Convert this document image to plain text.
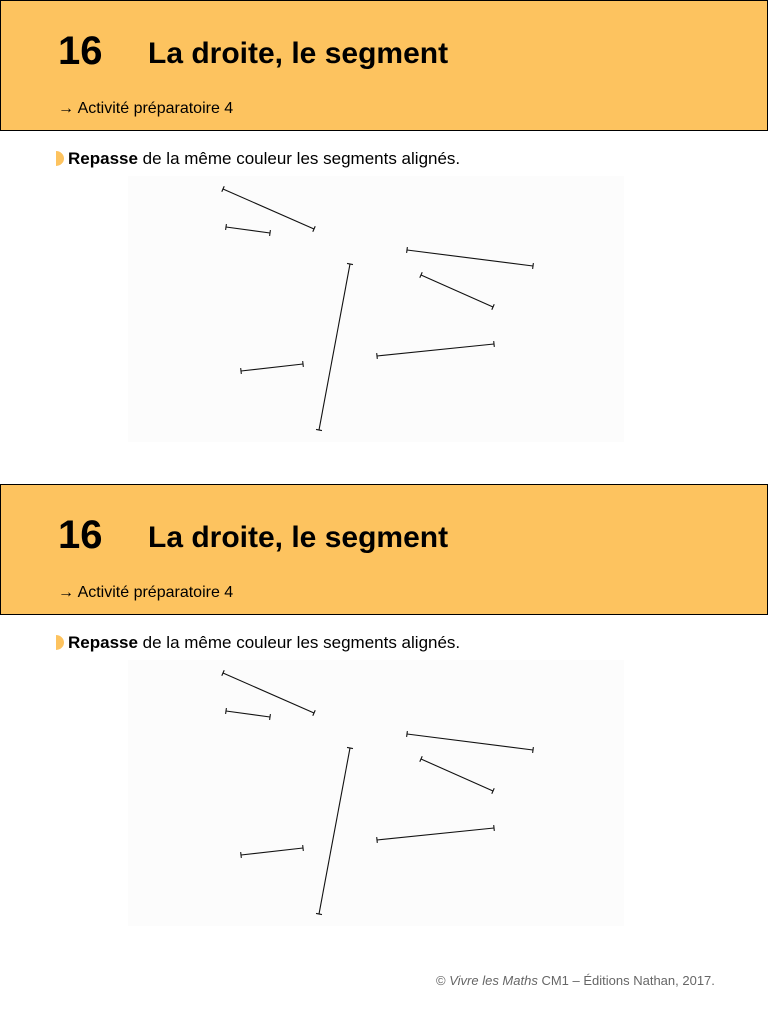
16 La droite, le segment
→ Activité préparatoire 4
Repasse de la même couleur les segments alignés.
16 La droite, le segment
→ Activité préparatoire 4
Repasse de la même couleur les segments alignés.
© Vivre les Maths CM1 – Éditions Nathan, 2017.
